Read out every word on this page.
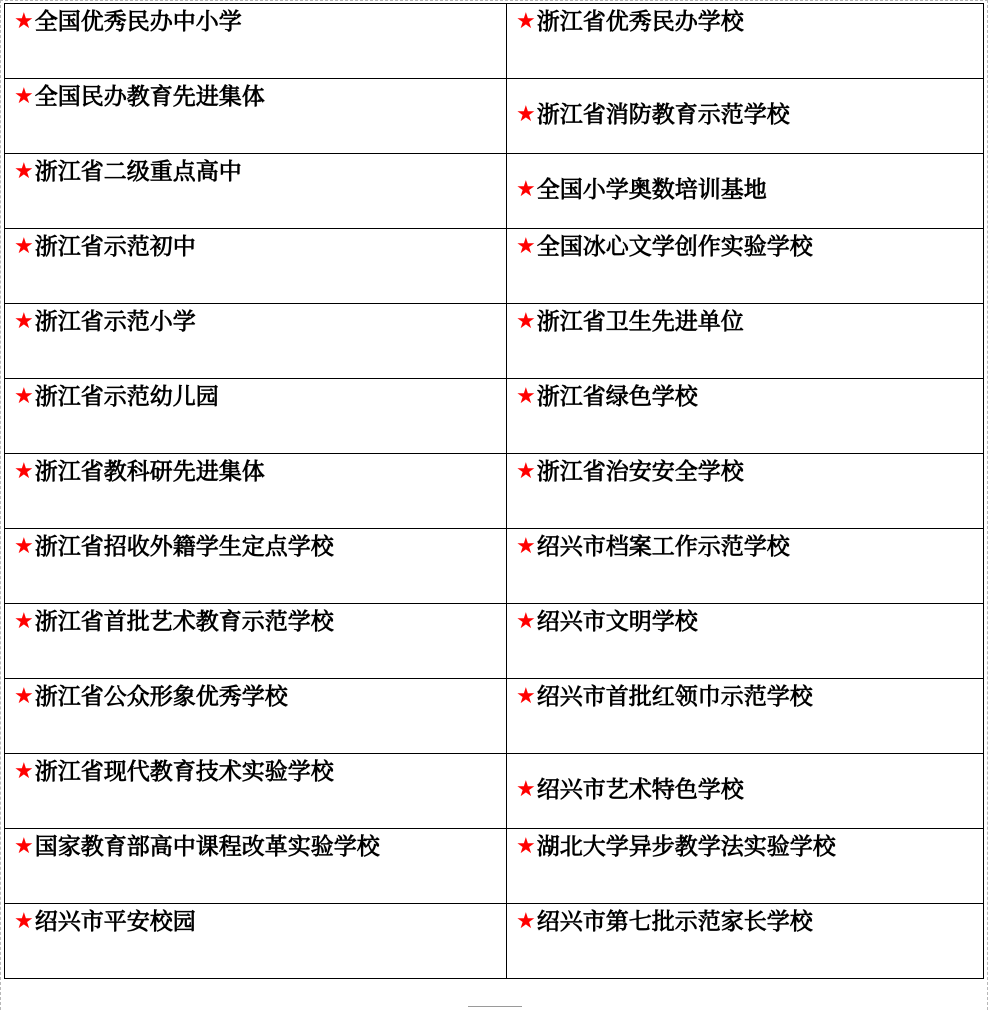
★ 全国优秀民办中小学	★ 浙江省优秀民办学校

★ 全国民办教育先进集体	★ 浙江省消防教育示范学校

★ 浙江省二级重点高中	★ 全国小学奥数培训基地

★ 浙江省示范初中	★ 全国冰心文学创作实验学校

★ 浙江省示范小学	★ 浙江省卫生先进单位

★ 浙江省示范幼儿园	★ 浙江省绿色学校

★ 浙江省教科研先进集体	★ 浙江省治安安全学校

★ 浙江省招收外籍学生定点学校	★ 绍兴市档案工作示范学校

★ 浙江省首批艺术教育示范学校	★ 绍兴市文明学校

★ 浙江省公众形象优秀学校	★ 绍兴市首批红领巾示范学校

★ 浙江省现代教育技术实验学校	★ 绍兴市艺术特色学校

★ 国家教育部高中课程改革实验学校	★ 湖北大学异步教学法实验学校

★ 绍兴市平安校园	★ 绍兴市第七批示范家长学校
